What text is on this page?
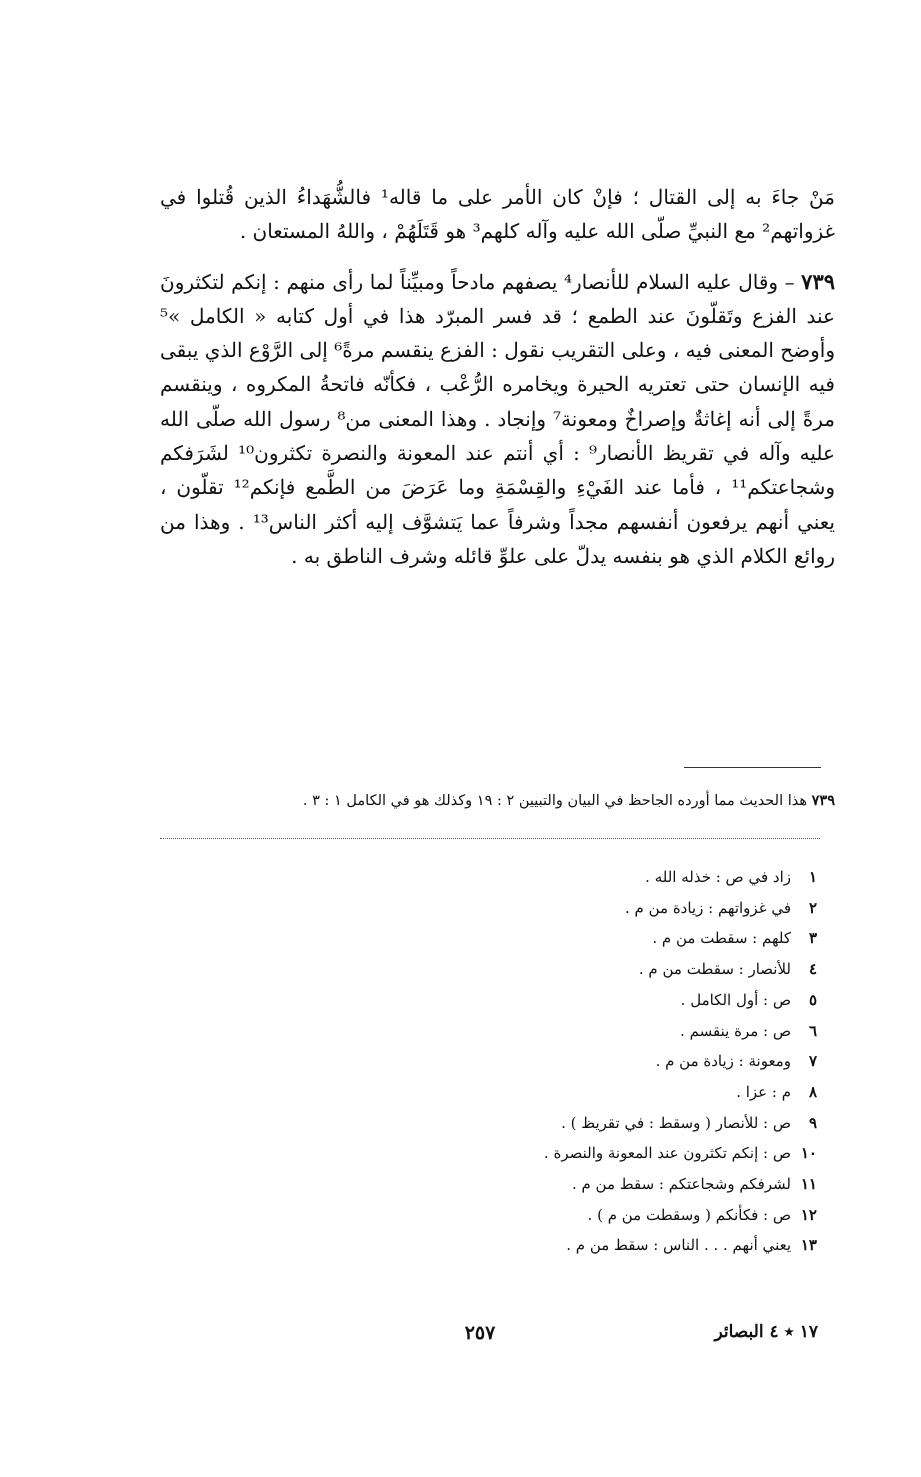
مَنْ جاءَ به إلى القتال ؛ فإنْ كان الأمر على ما قاله¹ فالشُّهَداءُ الذين قُتلوا في غزواتهم² مع النبيِّ صلّى الله عليه وآله كلهم³ هو قَتَلَهُمْ ، واللهُ المستعان .

٧٣٩ – وقال عليه السلام للأنصار⁴ يصفهم مادحاً ومبيِّناً لما رأى منهم : إنكم لتكثرونَ عند الفزع وتَقلّونَ عند الطمع ؛ قد فسر المبرّد هذا في أول كتابه « الكامل »⁵ وأوضح المعنى فيه ، وعلى التقريب نقول : الفزع ينقسم مرةً⁶ إلى الرَّوْع الذي يبقى فيه الإنسان حتى تعتريه الحيرة ويخامره الرُّعْب ، فكأنّه فاتحةُ المكروه ، وينقسم مرةً إلى أنه إغاثةٌ وإصراخٌ ومعونة⁷ وإنجاد . وهذا المعنى من⁸ رسول الله صلّى الله عليه وآله في تقريظ الأنصار⁹ : أي أنتم عند المعونة والنصرة تكثرون¹⁰ لشَرَفكم وشجاعتكم¹¹ ، فأما عند الفَيْءِ والقِسْمَةِ وما عَرَضَ من الطَّمع فإنكم¹² تقلّون ، يعني أنهم يرفعون أنفسهم مجداً وشرفاً عما يَتشوَّف إليه أكثر الناس¹³ . وهذا من روائع الكلام الذي هو بنفسه يدلّ على علوِّ قائله وشرف الناطق به .

٧٣٩ هذا الحديث مما أورده الجاحظ في البيان والتبيين ٢ : ١٩ وكذلك هو في الكامل ١ : ٣ .
١زاد في ص : خذله الله .
٢في غزواتهم : زيادة من م .
٣كلهم : سقطت من م .
٤للأنصار : سقطت من م .
٥ص : أول الكامل .
٦ص : مرة ينقسم .
٧ومعونة : زيادة من م .
٨م : عزا .
٩ص : للأنصار ( وسقط : في تقريظ ) .
١٠ص : إنكم تكثرون عند المعونة والنصرة .
١١لشرفكم وشجاعتكم : سقط من م .
١٢ص : فكأنكم ( وسقطت من م ) .
١٣يعني أنهم . . . الناس : سقط من م .
١٧ ٭ ٤ البصائر
٢٥٧
